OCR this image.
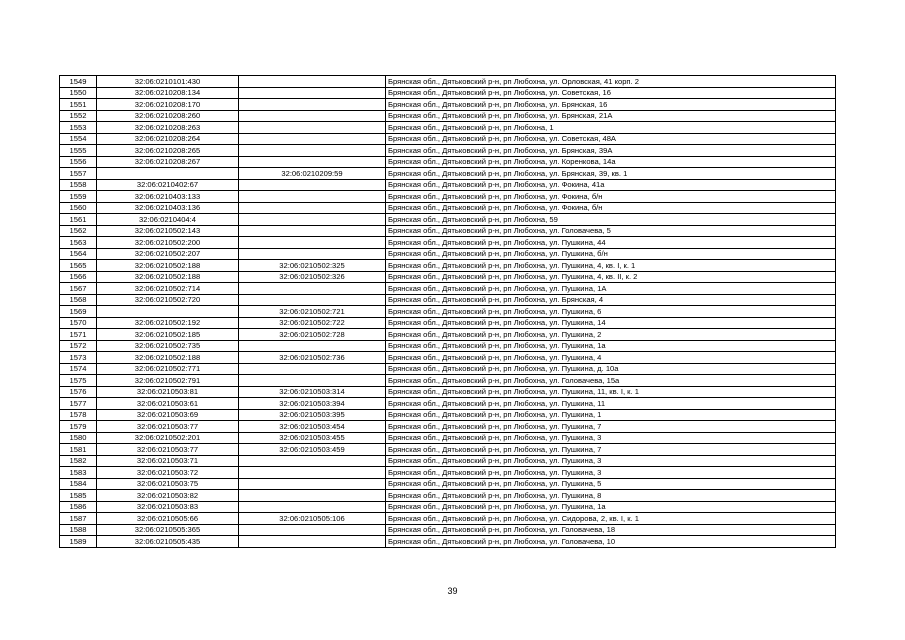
1549	32:06:0210101:430		Брянская обл., Дятьковский р-н, рп Любохна, ул. Орловская, 41 корп. 2
1550	32:06:0210208:134		Брянская обл., Дятьковский р-н, рп Любохна, ул. Советская, 16
1551	32:06:0210208:170		Брянская обл., Дятьковский р-н, рп Любохна, ул. Брянская, 16
1552	32:06:0210208:260		Брянская обл., Дятьковский р-н, рп Любохна, ул. Брянская, 21А
1553	32:06:0210208:263		Брянская обл., Дятьковский р-н, рп Любохна, 1
1554	32:06:0210208:264		Брянская обл., Дятьковский р-н, рп Любохна, ул. Советская, 48А
1555	32:06:0210208:265		Брянская обл., Дятьковский р-н, рп Любохна, ул. Брянская, 39А
1556	32:06:0210208:267		Брянская обл., Дятьковский р-н, рп Любохна, ул. Коренкова, 14а
1557		32:06:0210209:59	Брянская обл., Дятьковский р-н, рп Любохна, ул. Брянская, 39, кв. 1
1558	32:06:0210402:67		Брянская обл., Дятьковский р-н, рп Любохна, ул. Фокина, 41а
1559	32:06:0210403:133		Брянская обл., Дятьковский р-н, рп Любохна, ул. Фокина, б/н
1560	32:06:0210403:136		Брянская обл., Дятьковский р-н, рп Любохна, ул. Фокина, б/н
1561	32:06:0210404:4		Брянская обл., Дятьковский р-н, рп Любохна, 59
1562	32:06:0210502:143		Брянская обл., Дятьковский р-н, рп Любохна, ул. Головачева, 5
1563	32:06:0210502:200		Брянская обл., Дятьковский р-н, рп Любохна, ул. Пушкина, 44
1564	32:06:0210502:207		Брянская обл., Дятьковский р-н, рп Любохна, ул. Пушкина, б/н
1565	32:06:0210502:188	32:06:0210502:325	Брянская обл., Дятьковский р-н, рп Любохна, ул. Пушкина, 4, кв. I, к. 1
1566	32:06:0210502:188	32:06:0210502:326	Брянская обл., Дятьковский р-н, рп Любохна, ул. Пушкина, 4, кв. II, к. 2
1567	32:06:0210502:714		Брянская обл., Дятьковский р-н, рп Любохна, ул. Пушкина, 1А
1568	32:06:0210502:720		Брянская обл., Дятьковский р-н, рп Любохна, ул. Брянская, 4
1569		32:06:0210502:721	Брянская обл., Дятьковский р-н, рп Любохна, ул. Пушкина, 6
1570	32:06:0210502:192	32:06:0210502:722	Брянская обл., Дятьковский р-н, рп Любохна, ул. Пушкина, 14
1571	32:06:0210502:185	32:06:0210502:728	Брянская обл., Дятьковский р-н, рп Любохна, ул. Пушкина, 2
1572	32:06:0210502:735		Брянская обл., Дятьковский р-н, рп Любохна, ул. Пушкина, 1а
1573	32:06:0210502:188	32:06:0210502:736	Брянская обл., Дятьковский р-н, рп Любохна, ул. Пушкина, 4
1574	32:06:0210502:771		Брянская обл., Дятьковский р-н, рп Любохна, ул. Пушкина, д. 10а
1575	32:06:0210502:791		Брянская обл., Дятьковский р-н, рп Любохна, ул. Головачева, 15а
1576	32:06:0210503:81	32:06:0210503:314	Брянская обл., Дятьковский р-н, рп Любохна, ул. Пушкина, 11, кв. I, к. 1
1577	32:06:0210503:61	32:06:0210503:394	Брянская обл., Дятьковский р-н, рп Любохна, ул. Пушкина, 11
1578	32:06:0210503:69	32:06:0210503:395	Брянская обл., Дятьковский р-н, рп Любохна, ул. Пушкина, 1
1579	32:06:0210503:77	32:06:0210503:454	Брянская обл., Дятьковский р-н, рп Любохна, ул. Пушкина, 7
1580	32:06:0210502:201	32:06:0210503:455	Брянская обл., Дятьковский р-н, рп Любохна, ул. Пушкина, 3
1581	32:06:0210503:77	32:06:0210503:459	Брянская обл., Дятьковский р-н, рп Любохна, ул. Пушкина, 7
1582	32:06:0210503:71		Брянская обл., Дятьковский р-н, рп Любохна, ул. Пушкина, 3
1583	32:06:0210503:72		Брянская обл., Дятьковский р-н, рп Любохна, ул. Пушкина, 3
1584	32:06:0210503:75		Брянская обл., Дятьковский р-н, рп Любохна, ул. Пушкина, 5
1585	32:06:0210503:82		Брянская обл., Дятьковский р-н, рп Любохна, ул. Пушкина, 8
1586	32:06:0210503:83		Брянская обл., Дятьковский р-н, рп Любохна, ул. Пушкина, 1а
1587	32:06:0210505:66	32:06:0210505:106	Брянская обл., Дятьковский р-н, рп Любохна, ул. Сидорова, 2, кв. I, к. 1
1588	32:06:0210505:365		Брянская обл., Дятьковский р-н, рп Любохна, ул. Головачева, 18
1589	32:06:0210505:435		Брянская обл., Дятьковский р-н, рп Любохна, ул. Головачева, 10
39
